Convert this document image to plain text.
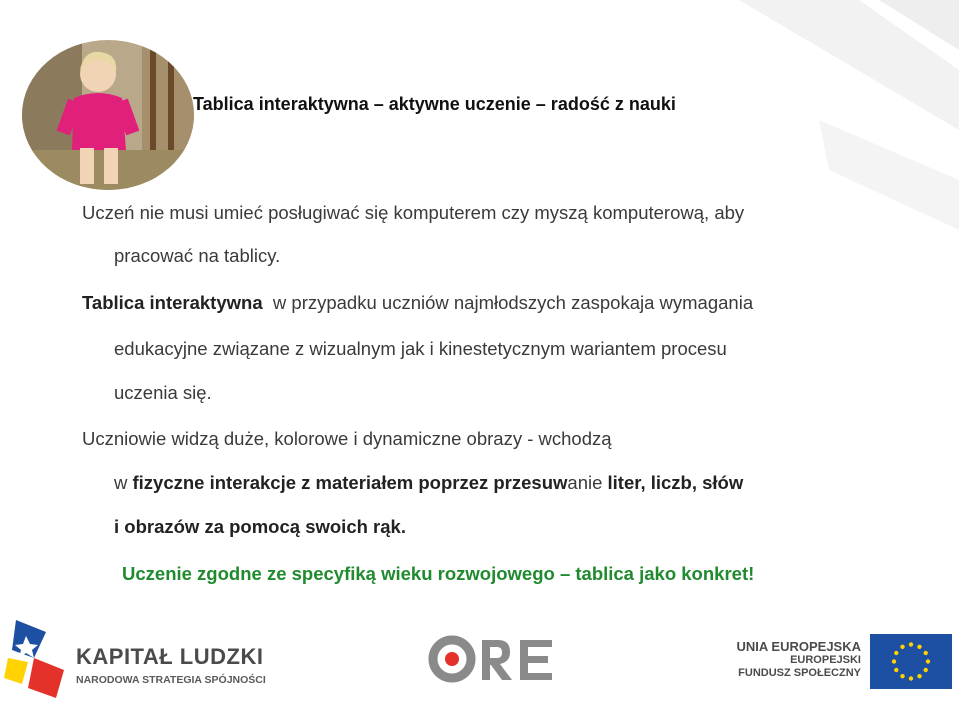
Tablica interaktywna – aktywne uczenie – radość z nauki
Uczeń nie musi umieć posługiwać się komputerem czy myszą komputerową, aby
pracować na tablicy.
Tablica interaktywna  w przypadku uczniów najmłodszych zaspokaja wymagania
edukacyjne związane z wizualnym jak i kinestetycznym wariantem procesu
uczenia się.
Uczniowie widzą duże, kolorowe i dynamiczne obrazy - wchodzą
w fizyczne interakcje z materiałem poprzez przesuwanie liter, liczb, słów
i obrazów za pomocą swoich rąk.
Uczenie zgodne ze specyfiką wieku rozwojowego – tablica jako konkret!
KAPITAŁ LUDZKI
NARODOWA STRATEGIA SPÓJNOŚCI
UNIA EUROPEJSKA
EUROPEJSKI
FUNDUSZ SPOŁECZNY
